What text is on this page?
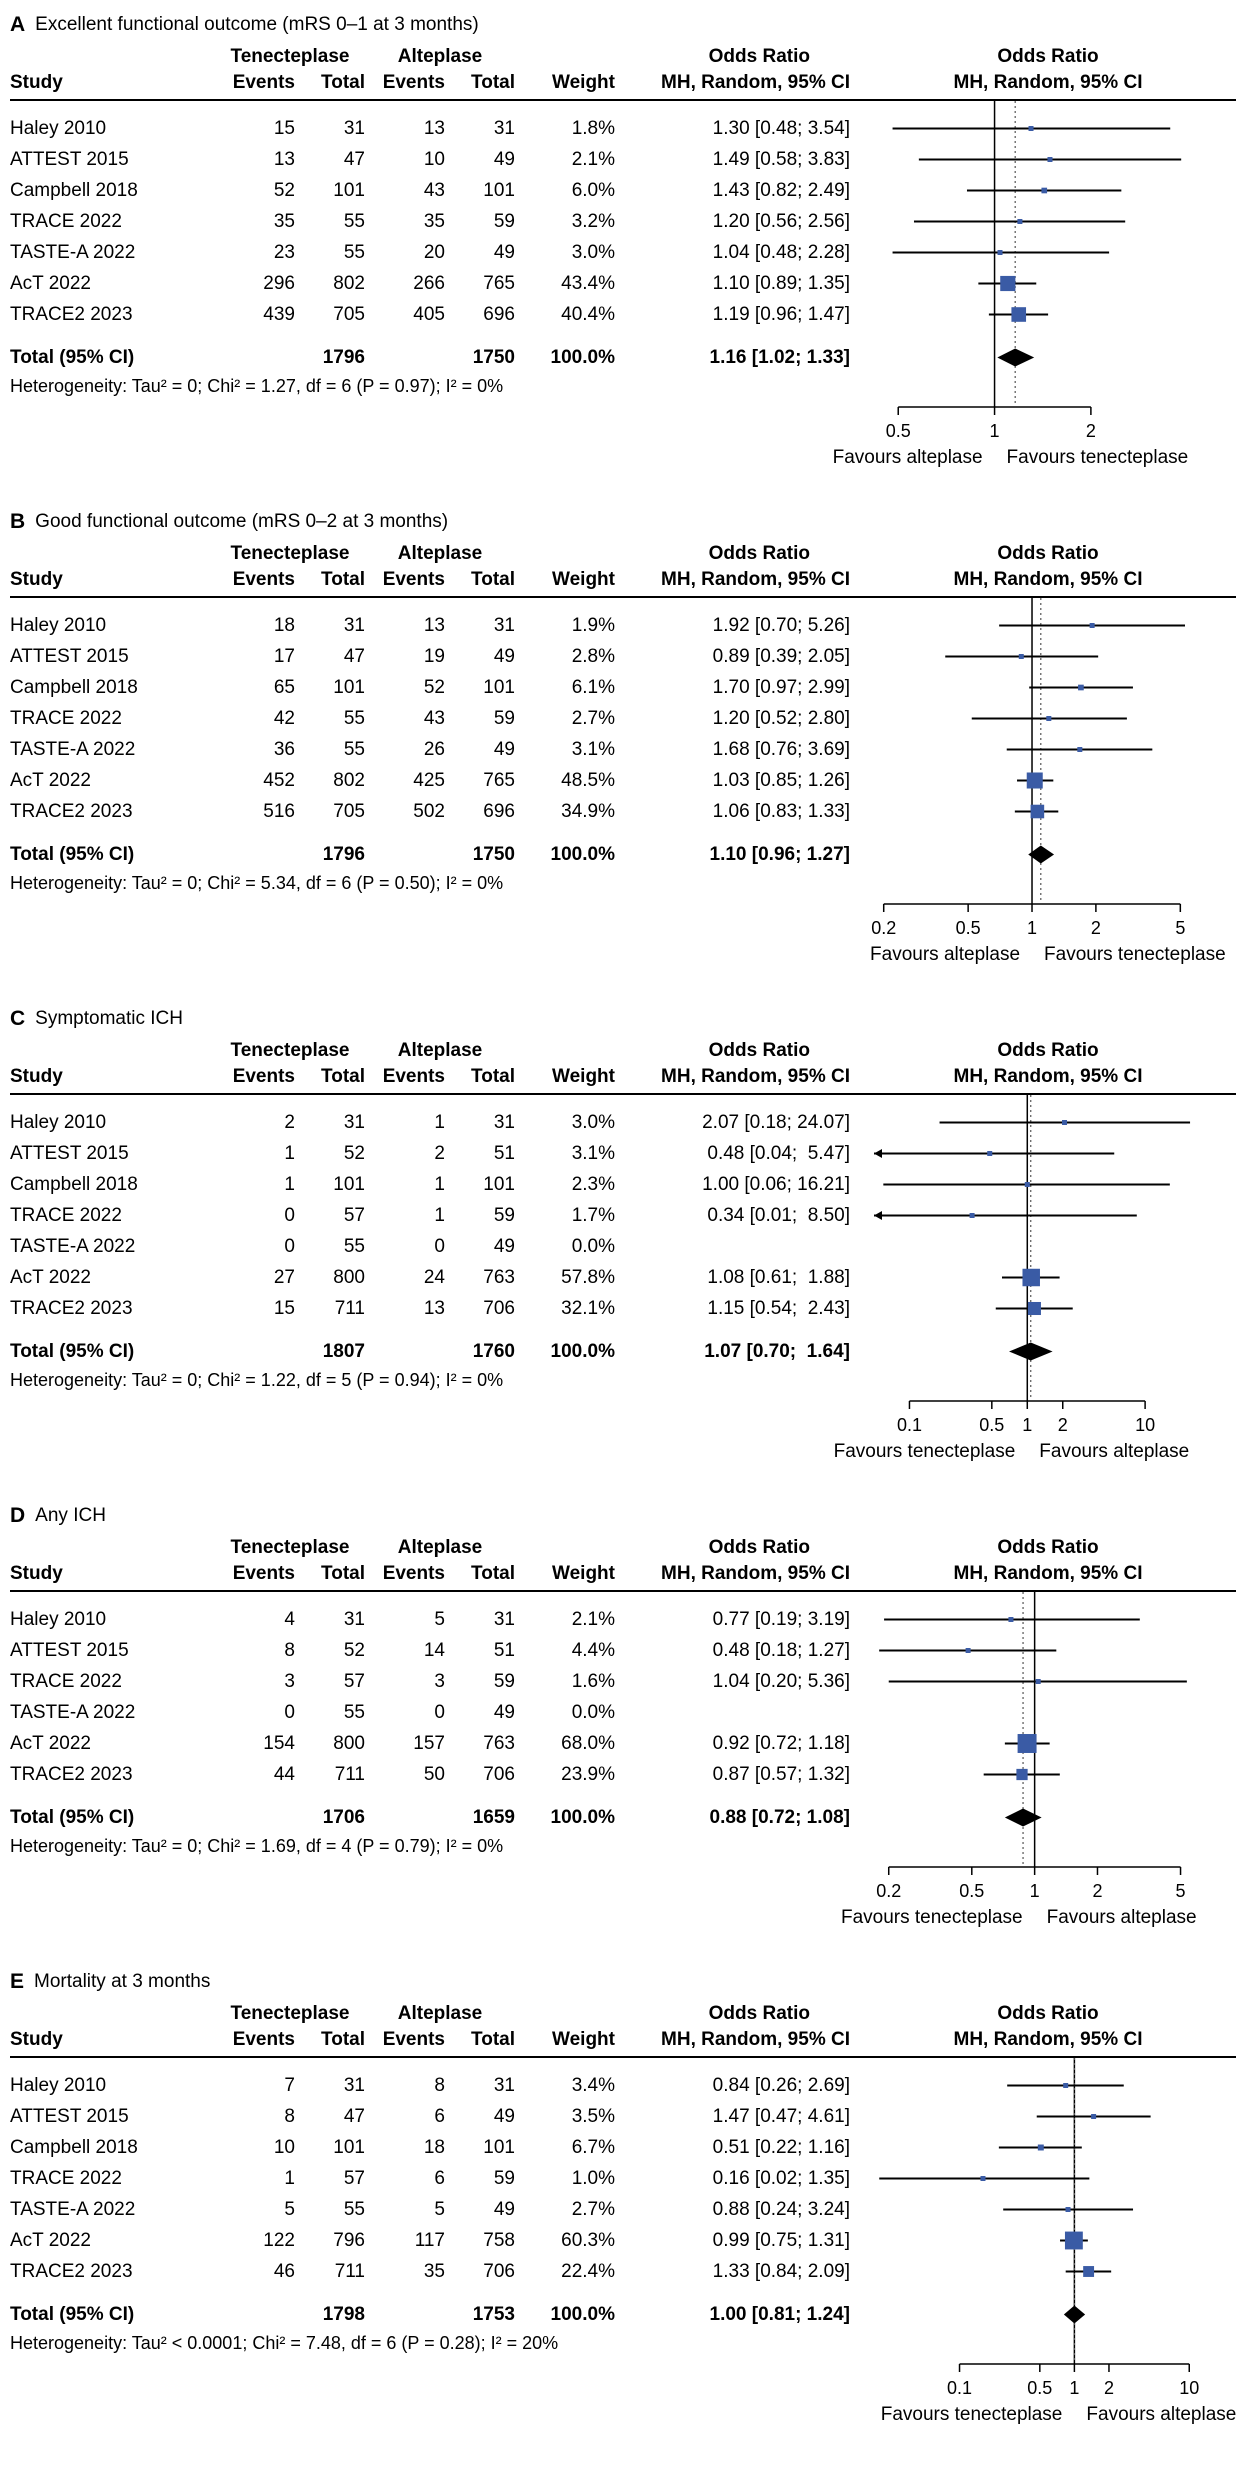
A Excellent functional outcome (mRS 0–1 at 3 months)
Tenecteplase	Alteplase	Odds Ratio	Odds Ratio
Study	Events	Total Events	Total	Weight	MH, Random, 95% CI	MH, Random, 95% CI
Haley 2010	15	31	13	31	1.8%	1.30 [0.48; 3.54]
ATTEST 2015	13	47	10	49	2.1%	1.49 [0.58; 3.83]
Campbell 2018	52	101	43	101	6.0%	1.43 [0.82; 2.49]
TRACE 2022	35	55	35	59	3.2%	1.20 [0.56; 2.56]
TASTE-A 2022	23	55	20	49	3.0%	1.04 [0.48; 2.28]
AcT 2022	296	802	266	765	43.4%	1.10 [0.89; 1.35]
TRACE2 2023	439	705	405	696	40.4%	1.19 [0.96; 1.47]
Total (95% CI)	1796	1750	100.0%	1.16 [1.02; 1.33]
Heterogeneity: Tau² = 0; Chi² = 1.27, df = 6 (P = 0.97); I² = 0%
0.5	1	2
Favours alteplase Favours tenecteplase
B Good functional outcome (mRS 0–2 at 3 months)
Tenecteplase	Alteplase	Odds Ratio	Odds Ratio
Study	Events	Total Events	Total	Weight	MH, Random, 95% CI	MH, Random, 95% CI
Haley 2010	18	31	13	31	1.9%	1.92 [0.70; 5.26]
ATTEST 2015	17	47	19	49	2.8%	0.89 [0.39; 2.05]
Campbell 2018	65	101	52	101	6.1%	1.70 [0.97; 2.99]
TRACE 2022	42	55	43	59	2.7%	1.20 [0.52; 2.80]
TASTE-A 2022	36	55	26	49	3.1%	1.68 [0.76; 3.69]
AcT 2022	452	802	425	765	48.5%	1.03 [0.85; 1.26]
TRACE2 2023	516	705	502	696	34.9%	1.06 [0.83; 1.33]
Total (95% CI)	1796	1750	100.0%	1.10 [0.96; 1.27]
Heterogeneity: Tau² = 0; Chi² = 5.34, df = 6 (P = 0.50); I² = 0%
0.2	0.5	1	2	5
Favours alteplase Favours tenecteplase
C Symptomatic ICH
Tenecteplase	Alteplase	Odds Ratio	Odds Ratio
Study	Events	Total Events	Total	Weight	MH, Random, 95% CI	MH, Random, 95% CI
Haley 2010	2	31	1	31	3.0%	2.07 [0.18; 24.07]
ATTEST 2015	1	52	2	51	3.1%	0.48 [0.04;  5.47]
Campbell 2018	1	101	1	101	2.3%	1.00 [0.06; 16.21]
TRACE 2022	0	57	1	59	1.7%	0.34 [0.01;  8.50]
TASTE-A 2022	0	55	0	49	0.0%
AcT 2022	27	800	24	763	57.8%	1.08 [0.61;  1.88]
TRACE2 2023	15	711	13	706	32.1%	1.15 [0.54;  2.43]
Total (95% CI)	1807	1760	100.0%	1.07 [0.70;  1.64]
Heterogeneity: Tau² = 0; Chi² = 1.22, df = 5 (P = 0.94); I² = 0%
0.1	0.5 1 2	10
Favours tenecteplase Favours alteplase
D Any ICH
Tenecteplase	Alteplase	Odds Ratio	Odds Ratio
Study	Events	Total Events	Total	Weight	MH, Random, 95% CI	MH, Random, 95% CI
Haley 2010	4	31	5	31	2.1%	0.77 [0.19; 3.19]
ATTEST 2015	8	52	14	51	4.4%	0.48 [0.18; 1.27]
TRACE 2022	3	57	3	59	1.6%	1.04 [0.20; 5.36]
TASTE-A 2022	0	55	0	49	0.0%
AcT 2022	154	800	157	763	68.0%	0.92 [0.72; 1.18]
TRACE2 2023	44	711	50	706	23.9%	0.87 [0.57; 1.32]
Total (95% CI)	1706	1659	100.0%	0.88 [0.72; 1.08]
Heterogeneity: Tau² = 0; Chi² = 1.69, df = 4 (P = 0.79); I² = 0%
0.2	0.5	1	2	5
Favours tenecteplase Favours alteplase
E Mortality at 3 months
Tenecteplase	Alteplase	Odds Ratio	Odds Ratio
Study	Events	Total Events	Total	Weight	MH, Random, 95% CI	MH, Random, 95% CI
Haley 2010	7	31	8	31	3.4%	0.84 [0.26; 2.69]
ATTEST 2015	8	47	6	49	3.5%	1.47 [0.47; 4.61]
Campbell 2018	10	101	18	101	6.7%	0.51 [0.22; 1.16]
TRACE 2022	1	57	6	59	1.0%	0.16 [0.02; 1.35]
TASTE-A 2022	5	55	5	49	2.7%	0.88 [0.24; 3.24]
AcT 2022	122	796	117	758	60.3%	0.99 [0.75; 1.31]
TRACE2 2023	46	711	35	706	22.4%	1.33 [0.84; 2.09]
Total (95% CI)	1798	1753	100.0%	1.00 [0.81; 1.24]
Heterogeneity: Tau² < 0.0001; Chi² = 7.48, df = 6 (P = 0.28); I² = 20%
0.1	0.5 1 2	10
Favours tenecteplase Favours alteplase
